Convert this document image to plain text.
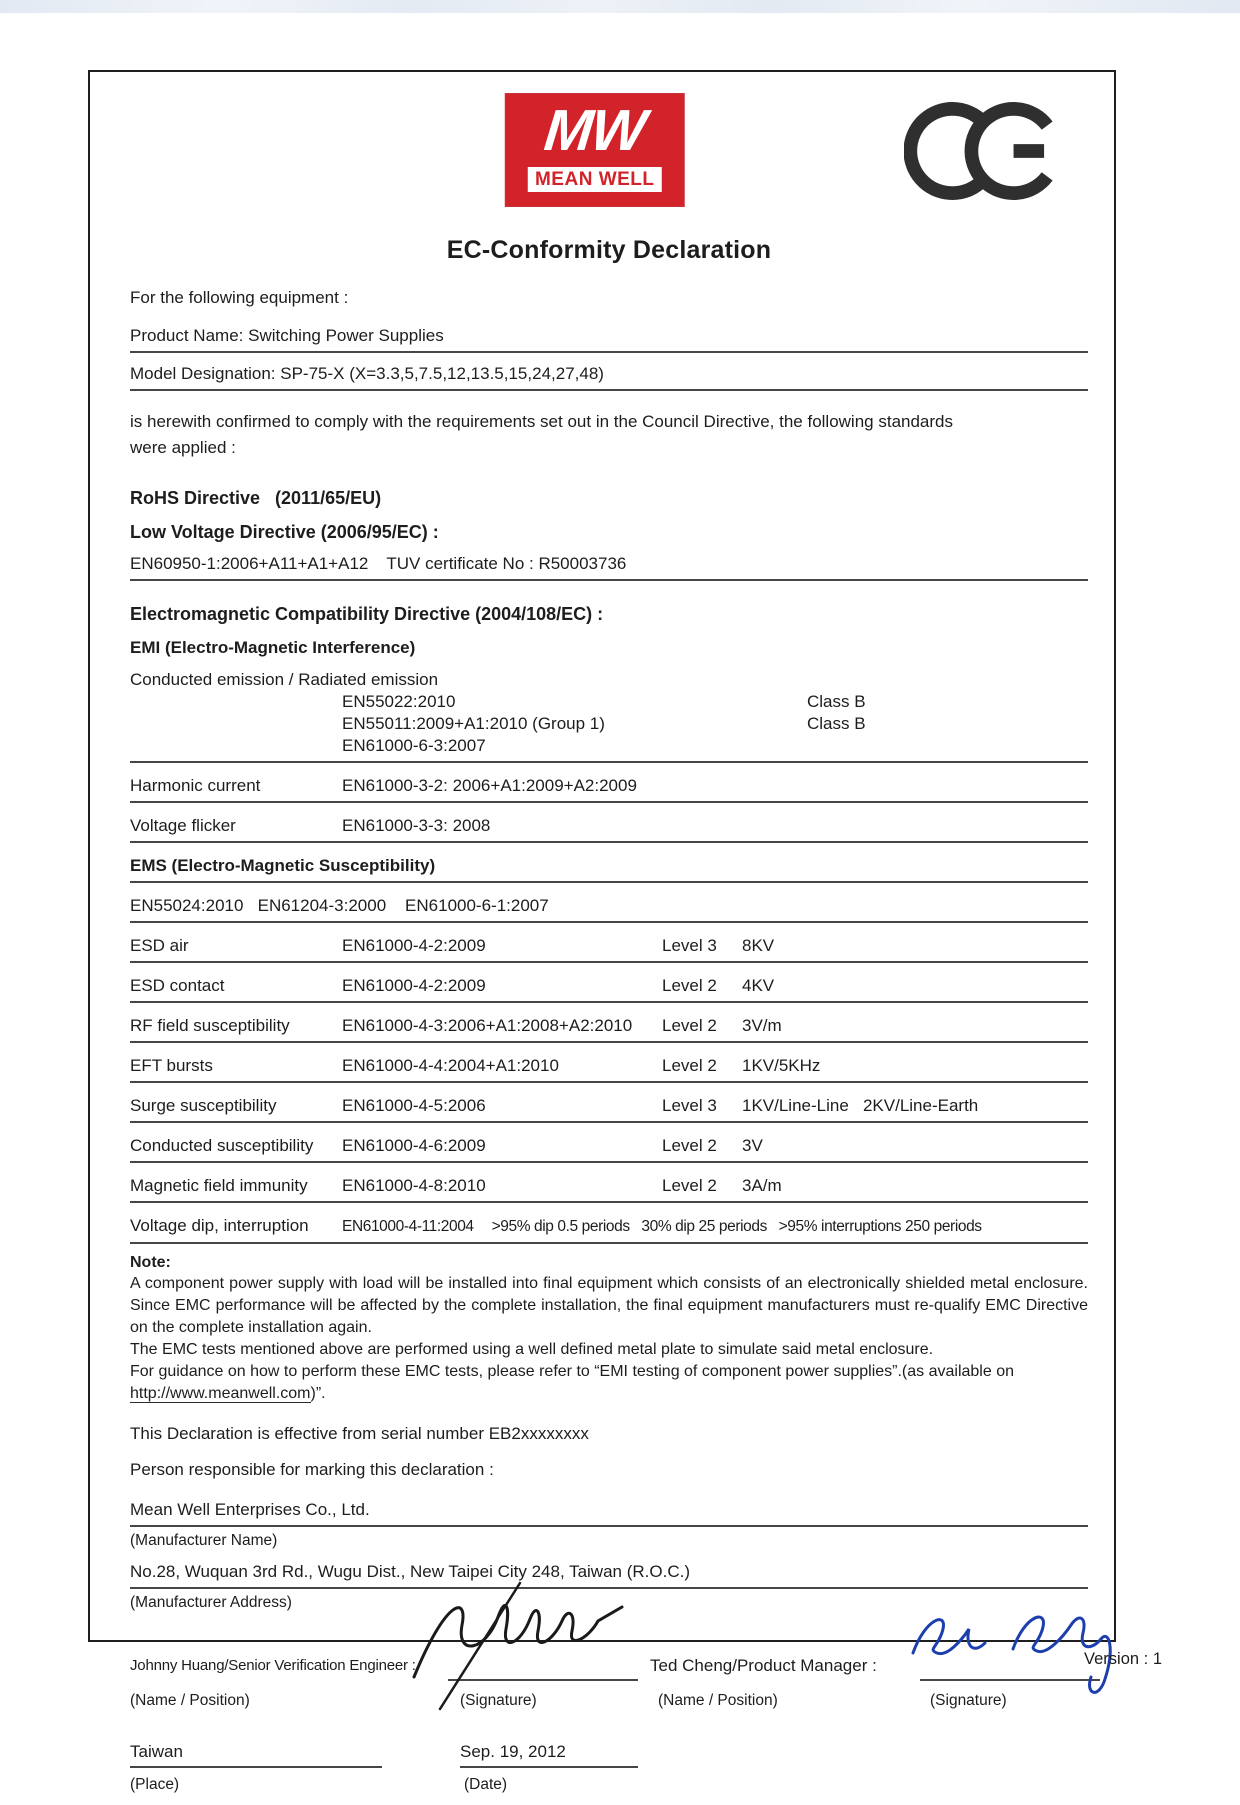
MW
MEAN WELL
EC-Conformity Declaration
For the following equipment :
Product Name: Switching Power Supplies
Model Designation: SP-75-X (X=3.3,5,7.5,12,13.5,15,24,27,48)
is herewith confirmed to comply with the requirements set out in the Council Directive, the following standards
were applied :
RoHS Directive   (2011/65/EU)
Low Voltage Directive (2006/95/EC) :
EN60950-1:2006+A11+A1+A12 TUV certificate No : R50003736
Electromagnetic Compatibility Directive (2004/108/EC) :
EMI (Electro-Magnetic Interference)
Conducted emission / Radiated emission
EN55022:2010	Class B
EN55011:2009+A1:2010 (Group 1)	Class B
EN61000-6-3:2007
Harmonic current	EN61000-3-2: 2006+A1:2009+A2:2009
Voltage flicker	EN61000-3-3: 2008
EMS (Electro-Magnetic Susceptibility)
EN55024:2010   EN61204-3:2000    EN61000-6-1:2007
ESD air	EN61000-4-2:2009	Level 3	8KV
ESD contact	EN61000-4-2:2009	Level 2	4KV
RF field susceptibility	EN61000-4-3:2006+A1:2008+A2:2010	Level 2	3V/m
EFT bursts	EN61000-4-4:2004+A1:2010	Level 2	1KV/5KHz
Surge susceptibility	EN61000-4-5:2006	Level 3	1KV/Line-Line   2KV/Line-Earth
Conducted susceptibility	EN61000-4-6:2009	Level 2	3V
Magnetic field immunity	EN61000-4-8:2010	Level 2	3A/m
Voltage dip, interruption	EN61000-4-11:2004 >95% dip 0.5 periods   30% dip 25 periods   >95% interruptions 250 periods
Note:
A component power supply with load will be installed into final equipment which consists of an electronically shielded metal enclosure. Since EMC performance will be affected by the complete installation, the final equipment manufacturers must re-qualify EMC Directive on the complete installation again.
The EMC tests mentioned above are performed using a well defined metal plate to simulate said metal enclosure.
For guidance on how to perform these EMC tests, please refer to “EMI testing of component power supplies”.(as available on http://www.meanwell.com)”.
This Declaration is effective from serial number EB2xxxxxxxx
Person responsible for marking this declaration :
Mean Well Enterprises Co., Ltd.
(Manufacturer Name)
No.28, Wuquan 3rd Rd., Wugu Dist., New Taipei City 248, Taiwan (R.O.C.)
(Manufacturer Address)
Johnny Huang/Senior Verification Engineer :
(Name / Position)
Ted Cheng/Product Manager :
(Name / Position)
(Signature)	(Signature)
Taiwan
(Place)
Sep. 19, 2012
(Date)
Version : 1
